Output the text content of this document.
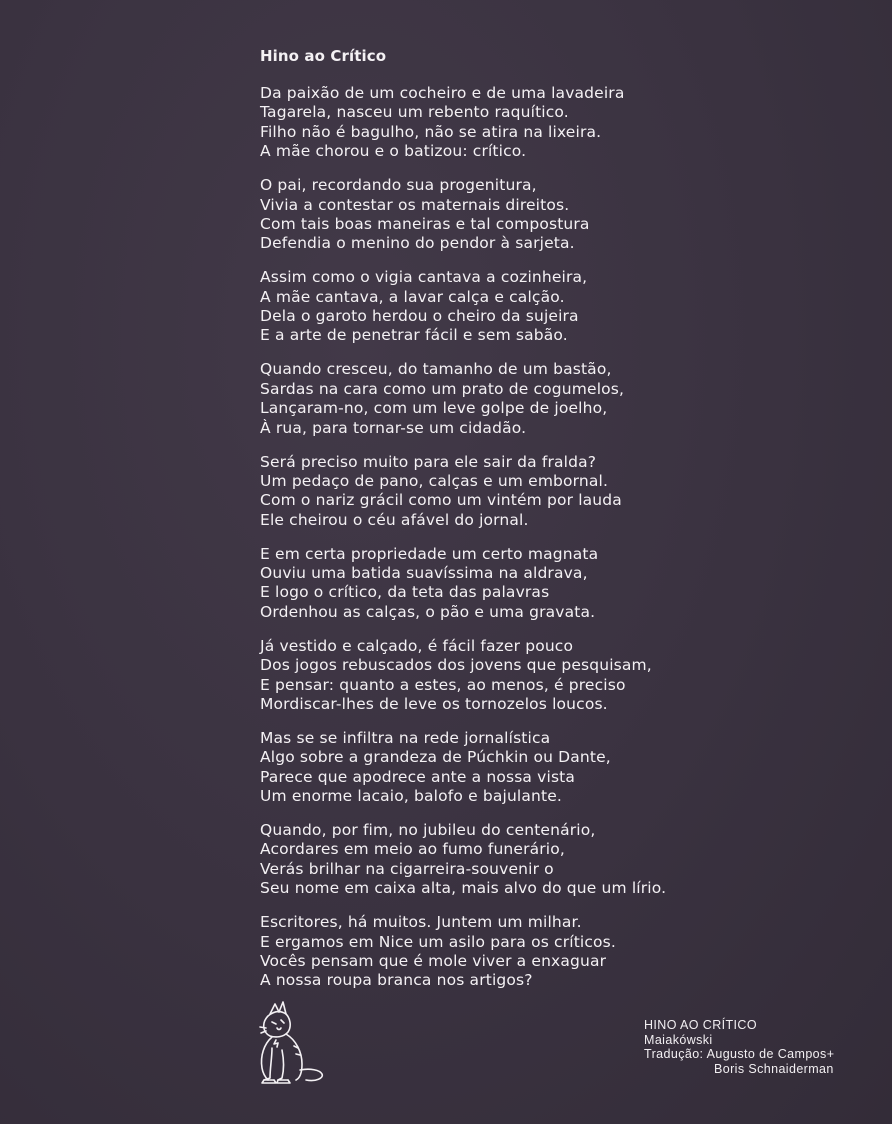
Hino ao Crítico
Da paixão de um cocheiro e de uma lavadeira
Tagarela, nasceu um rebento raquítico.
Filho não é bagulho, não se atira na lixeira.
A mãe chorou e o batizou: crítico.
O pai, recordando sua progenitura,
Vivia a contestar os maternais direitos.
Com tais boas maneiras e tal compostura
Defendia o menino do pendor à sarjeta.
Assim como o vigia cantava a cozinheira,
A mãe cantava, a lavar calça e calção.
Dela o garoto herdou o cheiro da sujeira
E a arte de penetrar fácil e sem sabão.
Quando cresceu, do tamanho de um bastão,
Sardas na cara como um prato de cogumelos,
Lançaram-no, com um leve golpe de joelho,
À rua, para tornar-se um cidadão.
Será preciso muito para ele sair da fralda?
Um pedaço de pano, calças e um embornal.
Com o nariz grácil como um vintém por lauda
Ele cheirou o céu afável do jornal.
E em certa propriedade um certo magnata
Ouviu uma batida suavíssima na aldrava,
E logo o crítico, da teta das palavras
Ordenhou as calças, o pão e uma gravata.
Já vestido e calçado, é fácil fazer pouco
Dos jogos rebuscados dos jovens que pesquisam,
E pensar: quanto a estes, ao menos, é preciso
Mordiscar-lhes de leve os tornozelos loucos.
Mas se se infiltra na rede jornalística
Algo sobre a grandeza de Púchkin ou Dante,
Parece que apodrece ante a nossa vista
Um enorme lacaio, balofo e bajulante.
Quando, por fim, no jubileu do centenário,
Acordares em meio ao fumo funerário,
Verás brilhar na cigarreira-souvenir o
Seu nome em caixa alta, mais alvo do que um lírio.
Escritores, há muitos. Juntem um milhar.
E ergamos em Nice um asilo para os críticos.
Vocês pensam que é mole viver a enxaguar
A nossa roupa branca nos artigos?
HINO AO CRÍTICO
Maiakówski
Tradução: Augusto de Campos+
Boris Schnaiderman
